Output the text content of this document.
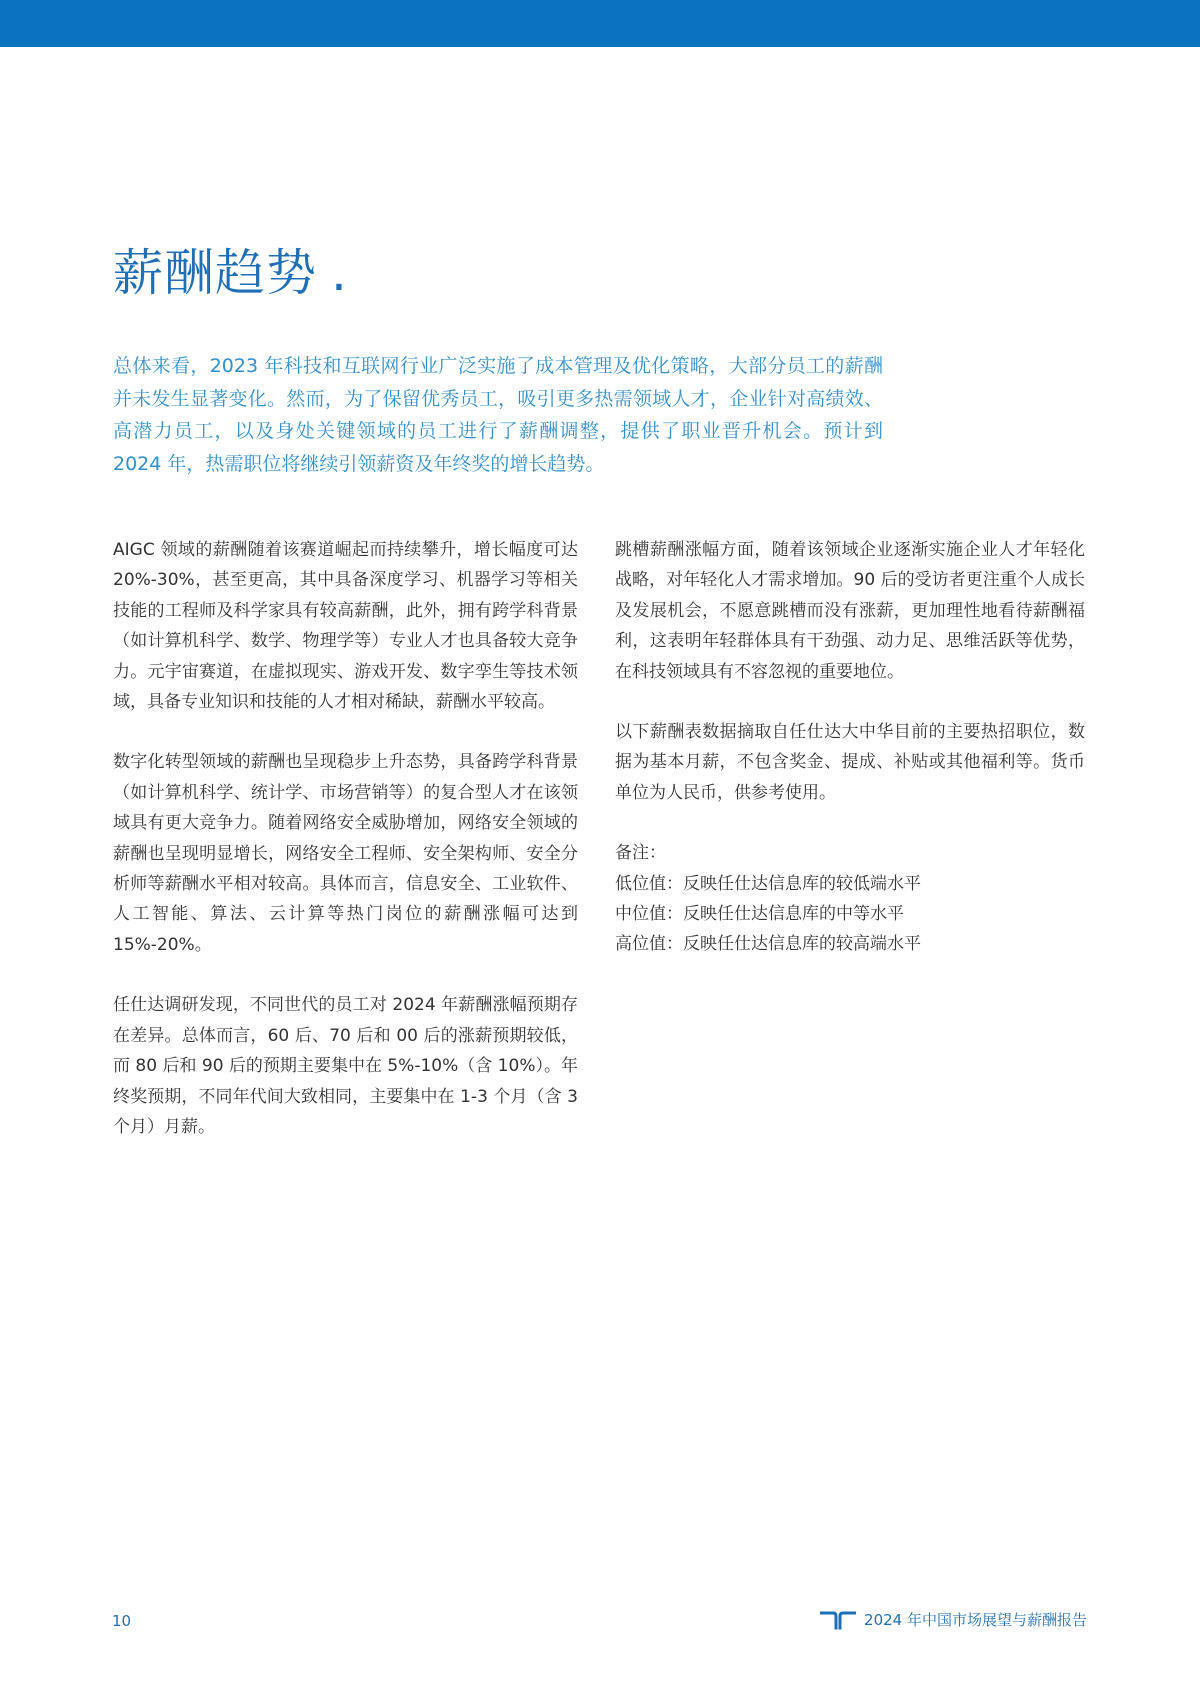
薪酬趋势 .

总体来看，2023 年科技和互联网行业广泛实施了成本管理及优化策略，大部分员工的薪酬并未发生显著变化。然而，为了保留优秀员工，吸引更多热需领域人才，企业针对高绩效、高潜力员工，以及身处关键领域的员工进行了薪酬调整，提供了职业晋升机会。预计到 2024 年，热需职位将继续引领薪资及年终奖的增长趋势。

AIGC 领域的薪酬随着该赛道崛起而持续攀升，增长幅度可达 20%-30%，甚至更高，其中具备深度学习、机器学习等相关技能的工程师及科学家具有较高薪酬，此外，拥有跨学科背景（如计算机科学、数学、物理学等）专业人才也具备较大竞争力。元宇宙赛道，在虚拟现实、游戏开发、数字孪生等技术领域，具备专业知识和技能的人才相对稀缺，薪酬水平较高。

数字化转型领域的薪酬也呈现稳步上升态势，具备跨学科背景（如计算机科学、统计学、市场营销等）的复合型人才在该领域具有更大竞争力。随着网络安全威胁增加，网络安全领域的薪酬也呈现明显增长，网络安全工程师、安全架构师、安全分析师等薪酬水平相对较高。具体而言，信息安全、工业软件、人工智能、算法、云计算等热门岗位的薪酬涨幅可达到 15%-20%。

任仕达调研发现，不同世代的员工对 2024 年薪酬涨幅预期存在差异。总体而言，60 后、70 后和 00 后的涨薪预期较低，而 80 后和 90 后的预期主要集中在 5%-10%（含 10%）。年终奖预期，不同年代间大致相同，主要集中在 1-3 个月（含 3 个月）月薪。

跳槽薪酬涨幅方面，随着该领域企业逐渐实施企业人才年轻化战略，对年轻化人才需求增加。90 后的受访者更注重个人成长及发展机会，不愿意跳槽而没有涨薪，更加理性地看待薪酬福利，这表明年轻群体具有干劲强、动力足、思维活跃等优势，在科技领域具有不容忽视的重要地位。

以下薪酬表数据摘取自任仕达大中华目前的主要热招职位，数据为基本月薪，不包含奖金、提成、补贴或其他福利等。货币单位为人民币，供参考使用。

备注：

低位值：反映任仕达信息库的较低端水平

中位值：反映任仕达信息库的中等水平

高位值：反映任仕达信息库的较高端水平

10	2024 年中国市场展望与薪酬报告
